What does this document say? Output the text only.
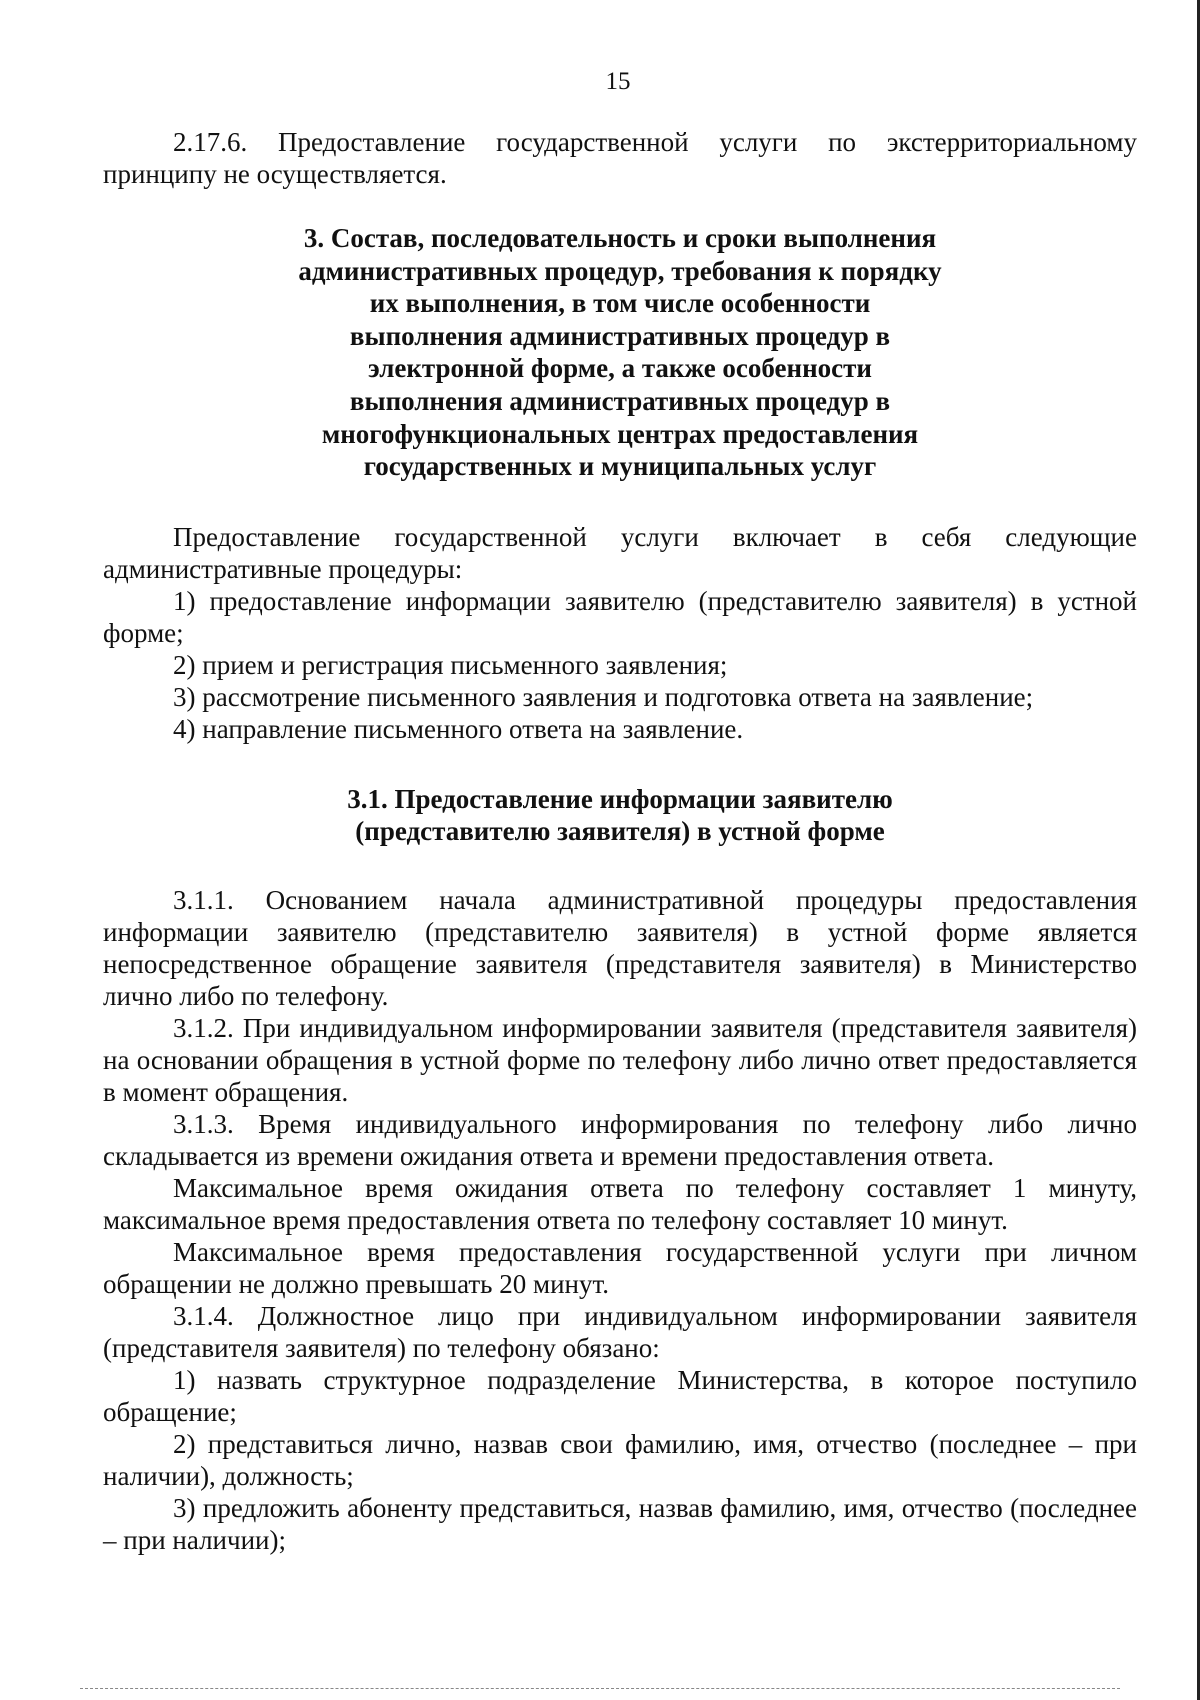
15

2.17.6. Предоставление государственной услуги по экстерриториальному принципу не осуществляется.

3. Состав, последовательность и сроки выполнения
административных процедур, требования к порядку
их выполнения, в том числе особенности
выполнения административных процедур в
электронной форме, а также особенности
выполнения административных процедур в
многофункциональных центрах предоставления
государственных и муниципальных услуг

Предоставление государственной услуги включает в себя следующие административные процедуры:

1) предоставление информации заявителю (представителю заявителя) в устной форме;

2) прием и регистрация письменного заявления;

3) рассмотрение письменного заявления и подготовка ответа на заявление;

4) направление письменного ответа на заявление.

3.1. Предоставление информации заявителю
(представителю заявителя) в устной форме

3.1.1. Основанием начала административной процедуры предоставления информации заявителю (представителю заявителя) в устной форме является непосредственное обращение заявителя (представителя заявителя) в Министерство лично либо по телефону.

3.1.2. При индивидуальном информировании заявителя (представителя заявителя) на основании обращения в устной форме по телефону либо лично ответ предоставляется в момент обращения.

3.1.3. Время индивидуального информирования по телефону либо лично складывается из времени ожидания ответа и времени предоставления ответа.

Максимальное время ожидания ответа по телефону составляет 1 минуту, максимальное время предоставления ответа по телефону составляет 10 минут.

Максимальное время предоставления государственной услуги при личном обращении не должно превышать 20 минут.

3.1.4. Должностное лицо при индивидуальном информировании заявителя (представителя заявителя) по телефону обязано:

1) назвать структурное подразделение Министерства, в которое поступило обращение;

2) представиться лично, назвав свои фамилию, имя, отчество (последнее – при наличии), должность;

3) предложить абоненту представиться, назвав фамилию, имя, отчество (последнее – при наличии);
